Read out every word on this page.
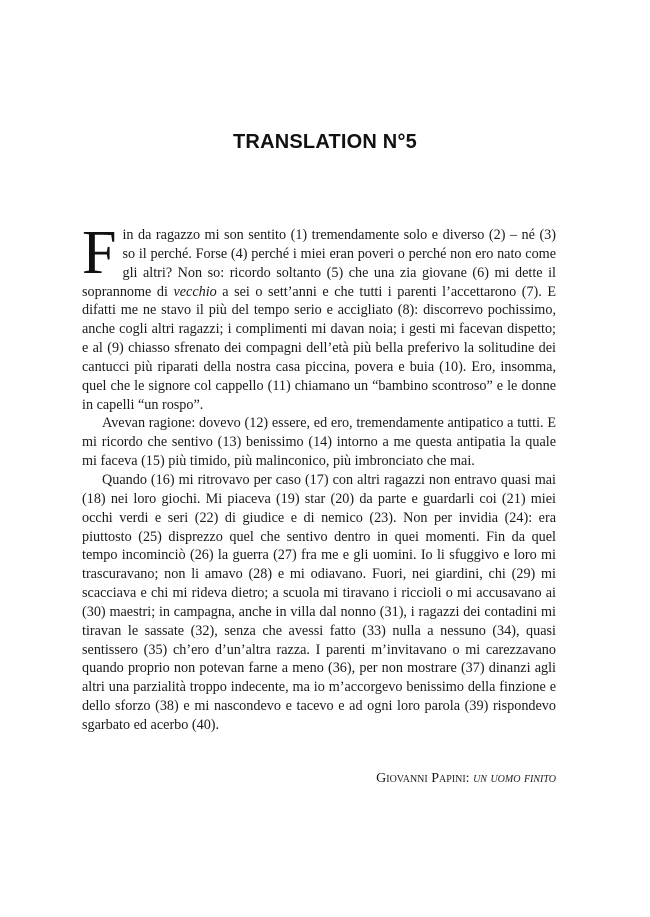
TRANSLATION N°5

Fin da ragazzo mi son sentito (1) tremendamente solo e diverso (2) – né (3) so il perché. Forse (4) perché i miei eran poveri o perché non ero nato come gli altri? Non so: ricordo soltanto (5) che una zia giovane (6) mi dette il soprannome di vecchio a sei o sett’anni e che tutti i parenti l’accettarono (7). E difatti me ne stavo il più del tempo serio e accigliato (8): discorrevo pochissimo, anche cogli altri ragazzi; i complimenti mi davan noia; i gesti mi facevan dispetto; e al (9) chiasso sfrenato dei compagni dell’età più bella preferivo la solitudine dei cantucci più riparati della nostra casa piccina, povera e buia (10). Ero, insomma, quel che le signore col cappello (11) chiamano un “bambino scontroso” e le donne in capelli “un rospo”.

Avevan ragione: dovevo (12) essere, ed ero, tremendamente antipatico a tutti. E mi ricordo che sentivo (13) benissimo (14) intorno a me questa antipatia la quale mi faceva (15) più timido, più malinconico, più imbronciato che mai.

Quando (16) mi ritrovavo per caso (17) con altri ragazzi non entravo quasi mai (18) nei loro giochi. Mi piaceva (19) star (20) da parte e guardarli coi (21) miei occhi verdi e seri (22) di giudice e di nemico (23). Non per invidia (24): era piuttosto (25) disprezzo quel che sentivo dentro in quei momenti. Fin da quel tempo incominciò (26) la guerra (27) fra me e gli uomini. Io li sfuggivo e loro mi trascuravano; non li amavo (28) e mi odiavano. Fuori, nei giardini, chi (29) mi scacciava e chi mi rideva dietro; a scuola mi tiravano i riccioli o mi accusavano ai (30) maestri; in campagna, anche in villa dal nonno (31), i ragazzi dei contadini mi tiravan le sassate (32), senza che avessi fatto (33) nulla a nessuno (34), quasi sentissero (35) ch’ero d’un’altra razza. I parenti m’invitavano o mi carezzavano quando proprio non potevan farne a meno (36), per non mostrare (37) dinanzi agli altri una parzialità troppo indecente, ma io m’accorgevo benissimo della finzione e dello sforzo (38) e mi nascondevo e tacevo e ad ogni loro parola (39) rispondevo sgarbato ed acerbo (40).

Giovanni Papini: un uomo finito
